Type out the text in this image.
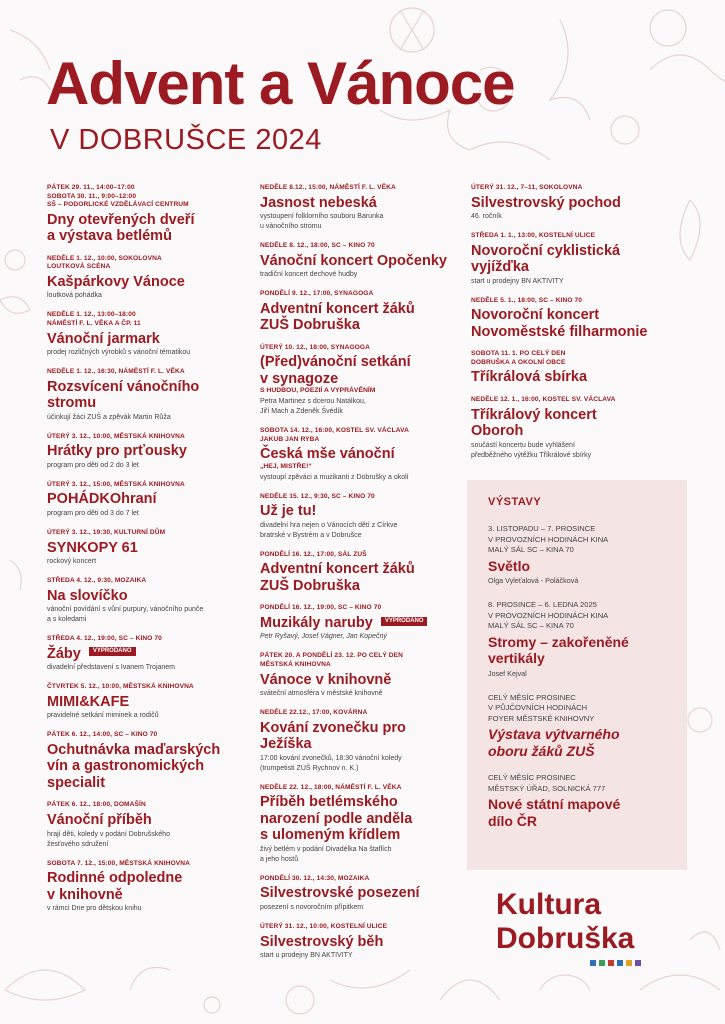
Advent a Vánoce
V DOBRUŠCE 2024
PÁTEK 29. 11., 14:00–17:00
SOBOTA 30. 11., 9:00–12:00
SŠ – PODORLICKÉ VZDĚLÁVACÍ CENTRUM
Dny otevřených dveří
a výstava betlémů
NEDĚLE 1. 12., 10:00, SOKOLOVNA
LOUTKOVÁ SCÉNA
Kašpárkovy Vánoce
loutková pohádka
NEDĚLE 1. 12., 13:00–18:00
NÁMĚSTÍ F. L. VĚKA A ČP. 11
Vánoční jarmark
prodej rozličných výrobků s vánoční tématikou
NEDĚLE 1. 12., 16:30, NÁMĚSTÍ F. L. VĚKA
Rozsvícení vánočního
stromu
účinkují žáci ZUŠ a zpěvák Martin Růža
ÚTERÝ 3. 12., 10:00, MĚSTSKÁ KNIHOVNA
Hrátky pro prťousky
program pro děti od 2 do 3 let
ÚTERÝ 3. 12., 15:00, MĚSTSKÁ KNIHOVNA
POHÁDKOhraní
program pro děti od 3 do 7 let
ÚTERÝ 3. 12., 19:30, KULTURNÍ DŮM
SYNKOPY 61
rockový koncert
STŘEDA 4. 12., 9:30, MOZAIKA
Na slovíčko
vánoční povídání s vůní purpury, vánočního punče
a s koledami
STŘEDA 4. 12., 19:00, SC – KINO 70
Žáby VYPRODÁNO
divadelní představení s Ivanem Trojanem
ČTVRTEK 5. 12., 10:00, MĚSTSKÁ KNIHOVNA
MIMI&KAFE
pravidelné setkání miminek a rodičů
PÁTEK 6. 12., 14:00, SC – KINO 70
Ochutnávka maďarských
vín a gastronomických
specialit
PÁTEK 6. 12., 18:00, DOMAŠÍN
Vánoční příběh
hrají děti, koledy v podání Dobrušského
žesťového sdružení
SOBOTA 7. 12., 15:00, MĚSTSKÁ KNIHOVNA
Rodinné odpoledne
v knihovně
v rámci Dne pro dětskou knihu
NEDĚLE 8.12., 15:00, NÁMĚSTÍ F. L. VĚKA
Jasnost nebeská
vystoupení folklorního souboru Barunka
u vánočního stromu
NEDĚLE 8. 12., 18:00, SC – KINO 70
Vánoční koncert Opočenky
tradiční koncert dechové hudby
PONDĚLÍ 9. 12., 17:00, SYNAGOGA
Adventní koncert žáků
ZUŠ Dobruška
ÚTERÝ 10. 12., 18:00, SYNAGOGA
(Před)vánoční setkání
v synagoze
S HUDBOU, POEZIÍ A VYPRÁVĚNÍM
Petra Martinez s dcerou Natálkou,
Jiří Mach a Zdeněk Švédík
SOBOTA 14. 12., 16:00, KOSTEL SV. VÁCLAVA
JAKUB JAN RYBA
Česká mše vánoční
„HEJ, MISTŘE!“
vystoupí zpěváci a muzikanti z Dobrušky a okolí
NEDĚLE 15. 12., 9:30, SC – KINO 70
Už je tu!
divadelní hra nejen o Vánocích dětí z Církve
bratrské v Bystrém a v Dobrušce
PONDĚLÍ 16. 12., 17:00, SÁL ZUŠ
Adventní koncert žáků
ZUŠ Dobruška
PONDĚLÍ 16. 12., 19:00, SC – KINO 70
Muzikály naruby VYPRODÁNO
Petr Ryšavý, Josef Vágner, Jan Kopečný
PÁTEK 20. A PONDĚLÍ 23. 12. PO CELÝ DEN
MĚSTSKÁ KNIHOVNA
Vánoce v knihovně
sváteční atmosféra v městské knihovně
NEDĚLE 22.12., 17:00, KOVÁRNA
Kování zvonečku pro Ježíška
17:00 kování zvonečků, 18:30 vánoční koledy
(trumpetisti ZUŠ Rychnov n. K.)
NEDĚLE 22. 12., 18:00, NÁMĚSTÍ F. L. VĚKA
Příběh betlémského
narození podle anděla
s ulomeným křídlem
živý betlém v podání Divadélka Na štaflích
a jeho hostů
PONDĚLÍ 30. 12., 14:30, MOZAIKA
Silvestrovské posezení
posezení s novoročním přípitkem
ÚTERÝ 31. 12., 10:00, KOSTELNÍ ULICE
Silvestrovský běh
start u prodejny BN AKTIVITY
ÚTERÝ 31. 12., 7–11, SOKOLOVNA
Silvestrovský pochod
46. ročník
STŘEDA 1. 1., 13:00, KOSTELNÍ ULICE
Novoroční cyklistická
vyjížďka
start u prodejny BN AKTIVITY
NEDĚLE 5. 1., 18:00, SC – KINO 70
Novoroční koncert
Novoměstské filharmonie
SOBOTA 11. 1. PO CELÝ DEN
DOBRUŠKA A OKOLNÍ OBCE
Tříkrálová sbírka
NEDĚLE 12. 1., 16:00, KOSTEL SV. VÁCLAVA
Tříkrálový koncert
Oboroh
součástí koncertu bude vyhlášení
předběžného výtěžku Tříkrálové sbírky
VÝSTAVY
3. LISTOPADU – 7. PROSINCE
V PROVOZNÍCH HODINÁCH KINA
MALÝ SÁL SC – KINA 70
Světlo
Olga Vyleťalová - Poláčková
8. PROSINCE – 6. LEDNA 2025
V PROVOZNÍCH HODINÁCH KINA
MALÝ SÁL SC – KINA 70
Stromy – zakořeněné
vertikály
Josef Kejval
CELÝ MĚSÍC PROSINEC
V PŮJČOVNÍCH HODINÁCH
FOYER MĚSTSKÉ KNIHOVNY
Výstava výtvarného
oboru žáků ZUŠ
CELÝ MĚSÍC PROSINEC
MĚSTSKÝ ÚŘAD, SOLNICKÁ 777
Nové státní mapové
dílo ČR
Kultura
Dobruška
